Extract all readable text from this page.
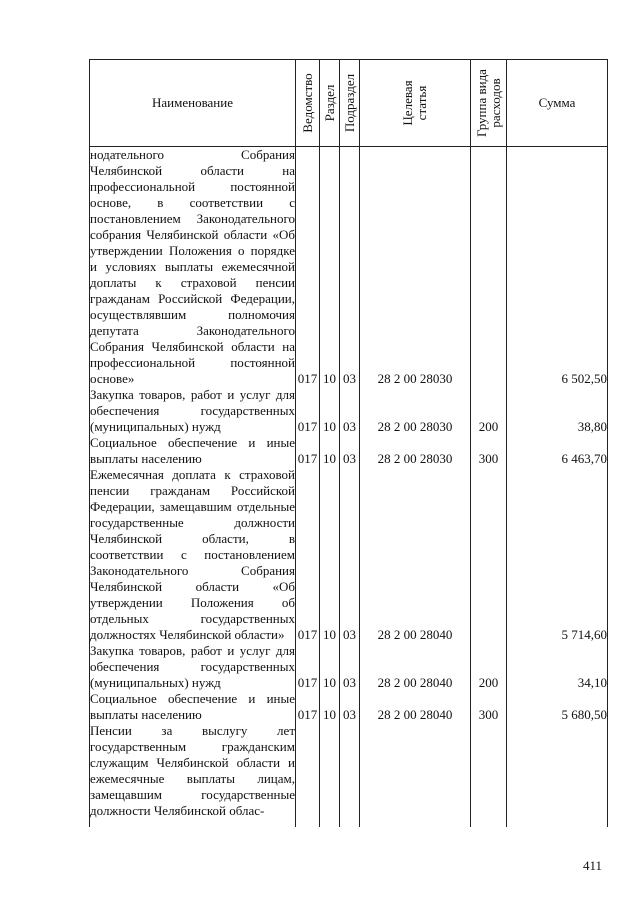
Наименование	Ведомство	Раздел	Подраздел	Целевая статья	Группа вида расходов	Сумма
нодательного Собрания Челябинской области на профессиональной постоянной основе, в соответствии с постановлением Законодательного собрания Челябинской области «Об утверждении Положения о порядке и условиях выплаты ежемесячной доплаты к страховой пенсии гражданам Российской Федерации, осуществлявшим полномочия депутата Законодательного Собрания Челябинской области на профессиональной постоянной основе»	017	10	03	28 2 00 28030		6 502,50
Закупка товаров, работ и услуг для обеспечения государственных (муниципальных) нужд	017	10	03	28 2 00 28030	200	38,80
Социальное обеспечение и иные выплаты населению	017	10	03	28 2 00 28030	300	6 463,70
Ежемесячная доплата к страховой пенсии гражданам Российской Федерации, замещавшим отдельные государственные должности Челябинской области, в соответствии с постановлением Законодательного Собрания Челябинской области «Об утверждении Положения об отдельных государственных должностях Челябинской области»	017	10	03	28 2 00 28040		5 714,60
Закупка товаров, работ и услуг для обеспечения государственных (муниципальных) нужд	017	10	03	28 2 00 28040	200	34,10
Социальное обеспечение и иные выплаты населению	017	10	03	28 2 00 28040	300	5 680,50
Пенсии за выслугу лет государственным гражданским служащим Челябинской области и ежемесячные выплаты лицам, замещавшим государственные должности Челябинской облас-						

411
